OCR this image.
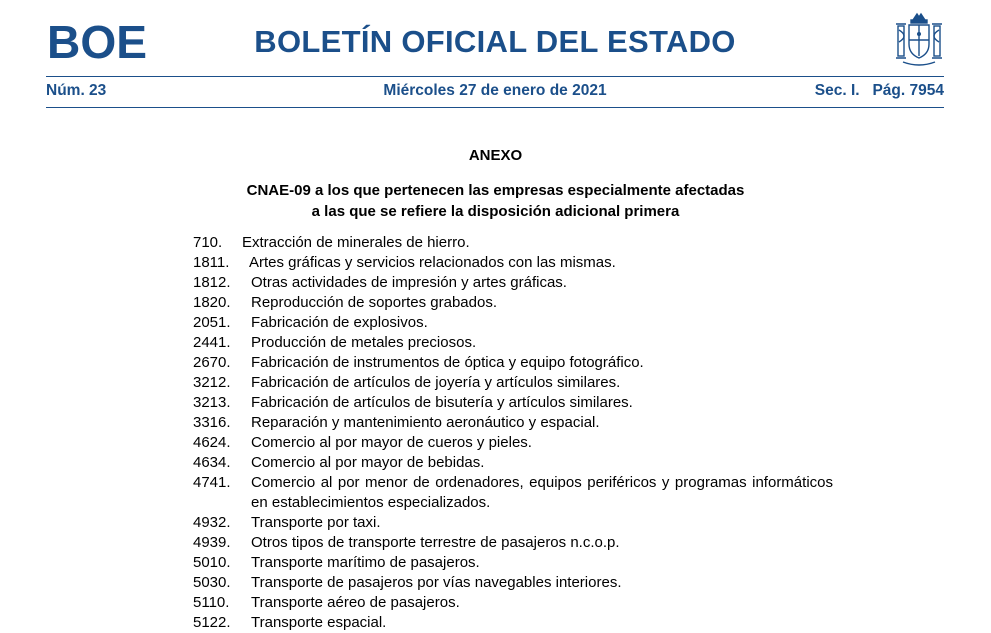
BOE	BOLETÍN OFICIAL DEL ESTADO
Núm. 23	Miércoles 27 de enero de 2021	Sec. I.   Pág. 7954
ANEXO
CNAE-09 a los que pertenecen las empresas especialmente afectadas
a las que se refiere la disposición adicional primera
710.	Extracción de minerales de hierro.
1811.	Artes gráficas y servicios relacionados con las mismas.
1812.	Otras actividades de impresión y artes gráficas.
1820.	Reproducción de soportes grabados.
2051.	Fabricación de explosivos.
2441.	Producción de metales preciosos.
2670.	Fabricación de instrumentos de óptica y equipo fotográfico.
3212.	Fabricación de artículos de joyería y artículos similares.
3213.	Fabricación de artículos de bisutería y artículos similares.
3316.	Reparación y mantenimiento aeronáutico y espacial.
4624.	Comercio al por mayor de cueros y pieles.
4634.	Comercio al por mayor de bebidas.
4741.	Comercio al por menor de ordenadores, equipos periféricos y programas informáticos en establecimientos especializados.
4932.	Transporte por taxi.
4939.	Otros tipos de transporte terrestre de pasajeros n.c.o.p.
5010.	Transporte marítimo de pasajeros.
5030.	Transporte de pasajeros por vías navegables interiores.
5110.	Transporte aéreo de pasajeros.
5122.	Transporte espacial.
